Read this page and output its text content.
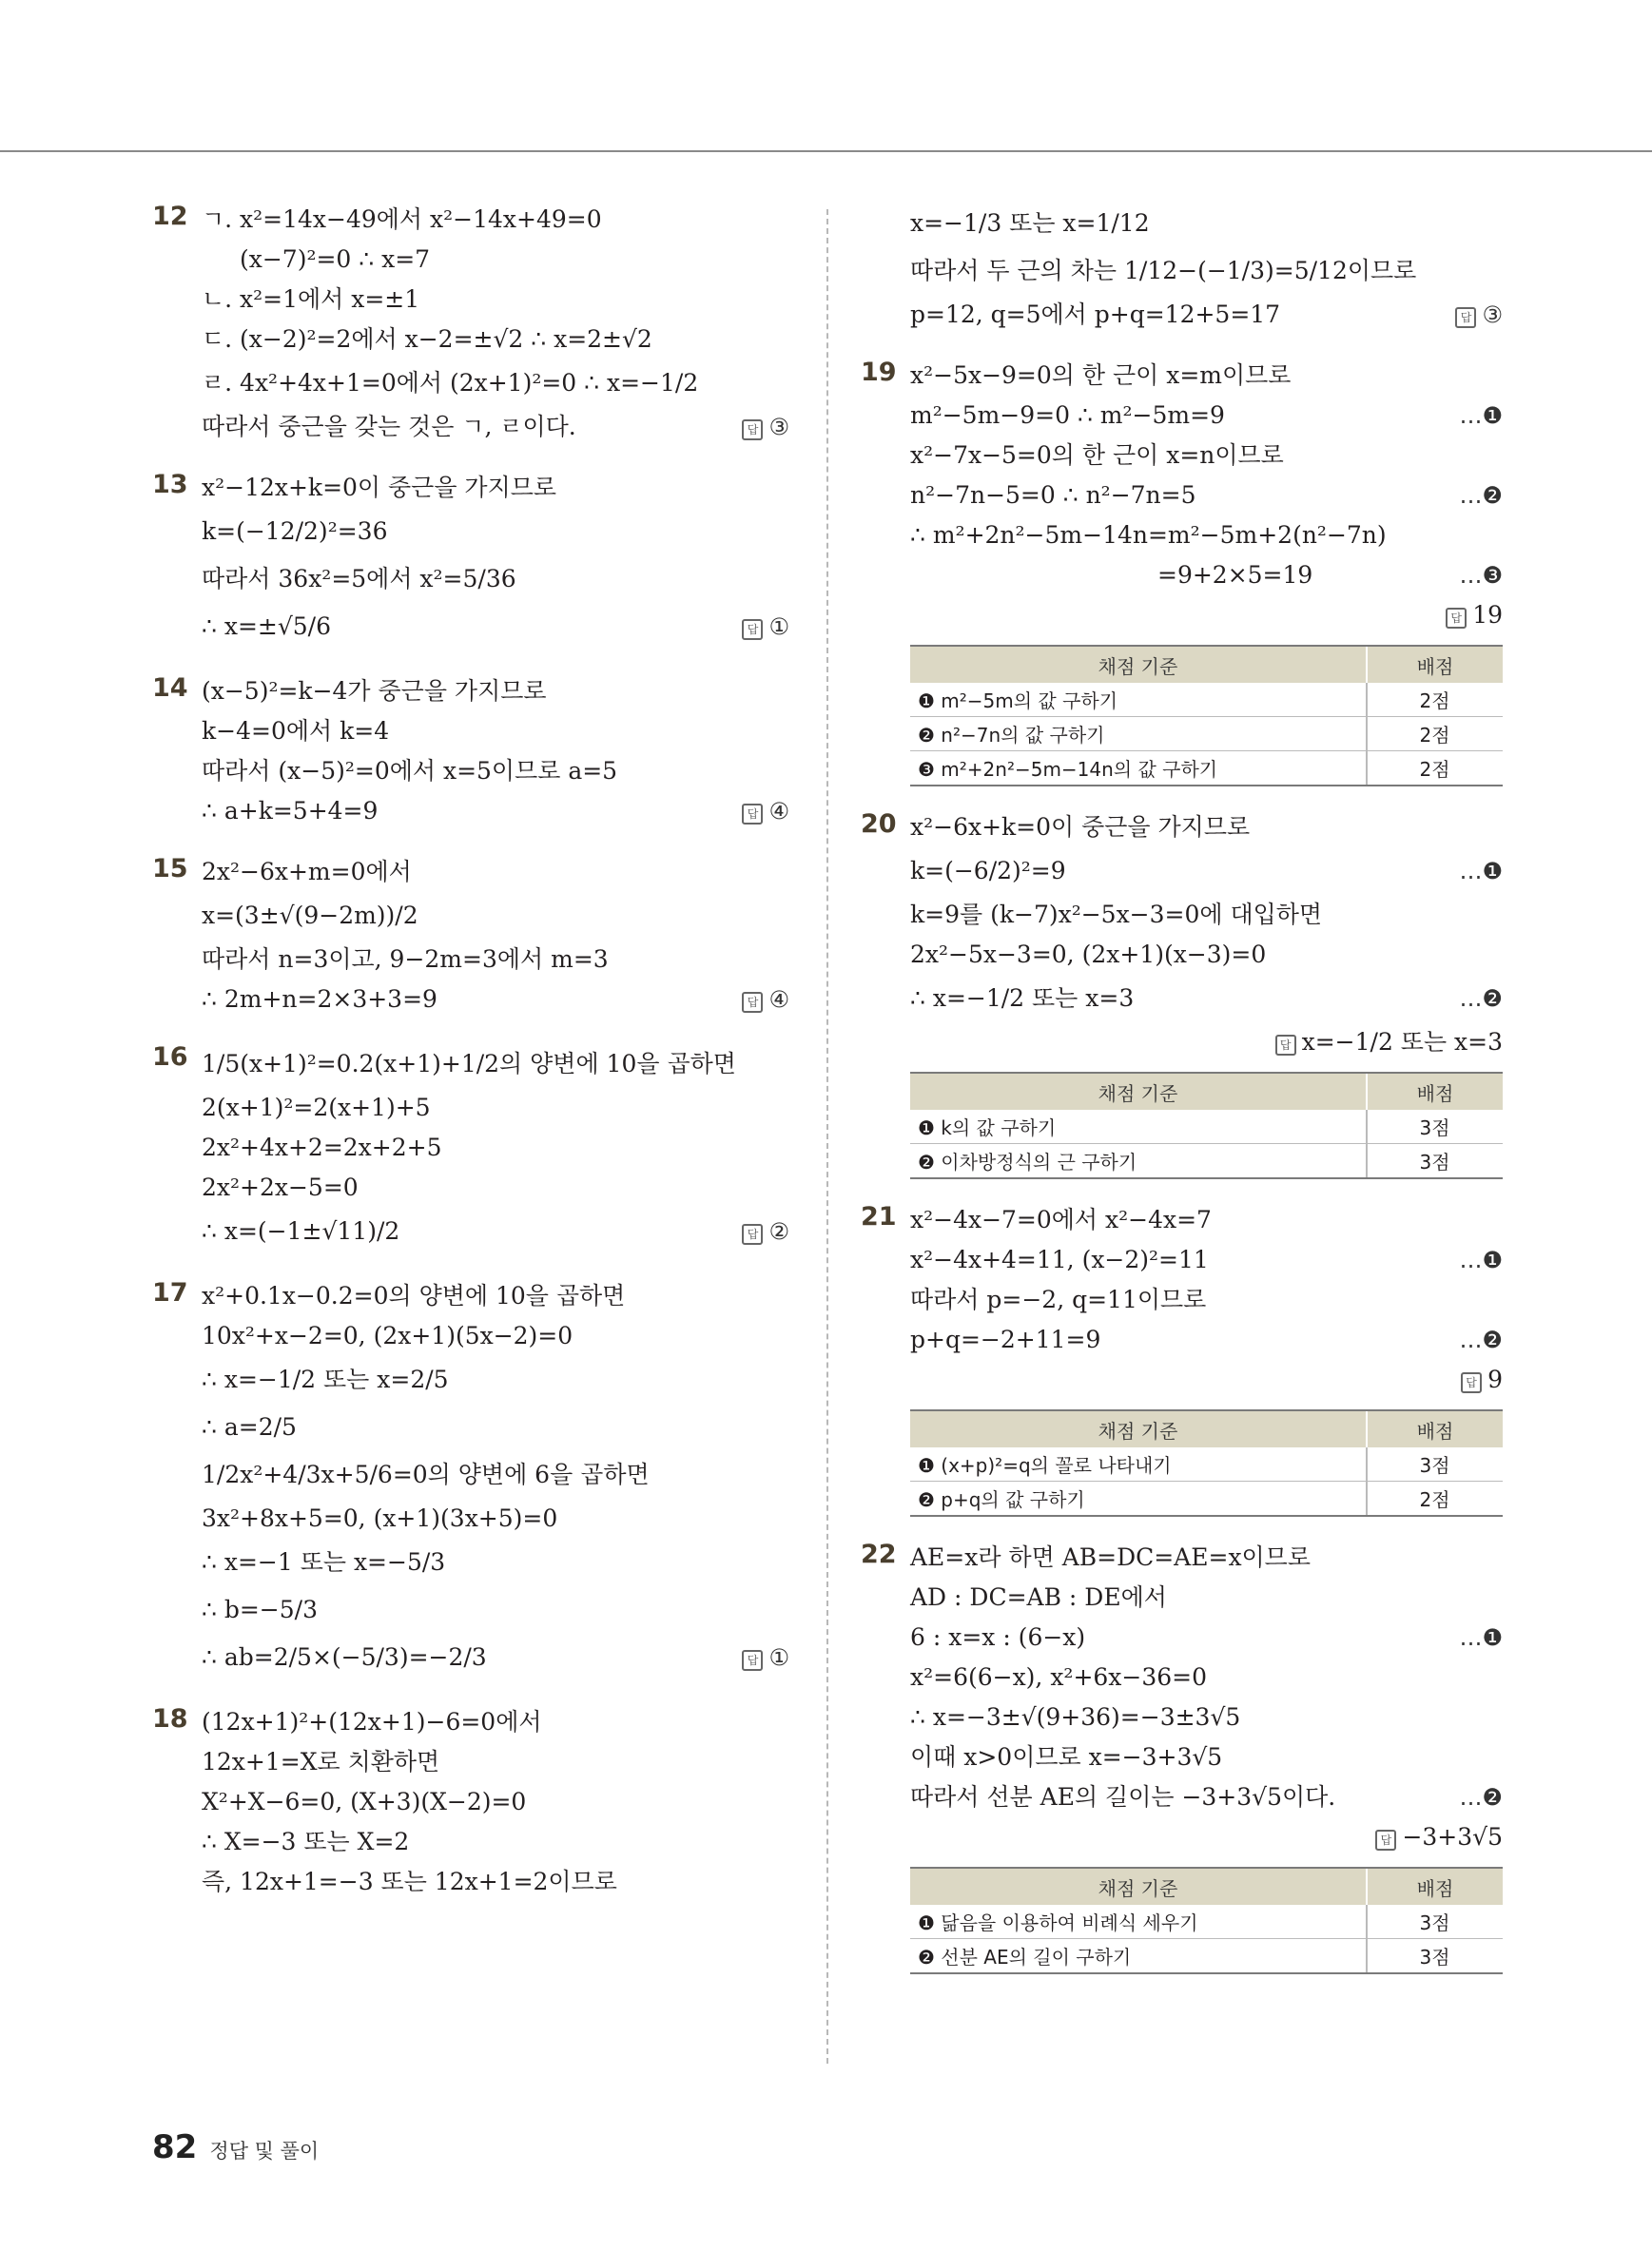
12 ㄱ. x²=14x−49에서 x²−14x+49=0
(x−7)²=0 ∴ x=7
ㄴ. x²=1에서 x=±1
ㄷ. (x−2)²=2에서 x−2=±√2 ∴ x=2±√2
ㄹ. 4x²+4x+1=0에서 (2x+1)²=0 ∴ x=−1/2
따라서 중근을 갖는 것은 ㄱ, ㄹ이다.	답 ③
13 x²−12x+k=0이 중근을 가지므로
k=(−12/2)²=36
따라서 36x²=5에서 x²=5/36
∴ x=±√5/6	답 ①
14 (x−5)²=k−4가 중근을 가지므로
k−4=0에서 k=4
따라서 (x−5)²=0에서 x=5이므로 a=5
∴ a+k=5+4=9	답 ④
15 2x²−6x+m=0에서
x=(3±√(9−2m))/2
따라서 n=3이고, 9−2m=3에서 m=3
∴ 2m+n=2×3+3=9	답 ④
16 1/5(x+1)²=0.2(x+1)+1/2의 양변에 10을 곱하면
2(x+1)²=2(x+1)+5
2x²+4x+2=2x+2+5
2x²+2x−5=0
∴ x=(−1±√11)/2	답 ②
17 x²+0.1x−0.2=0의 양변에 10을 곱하면
10x²+x−2=0, (2x+1)(5x−2)=0
∴ x=−1/2 또는 x=2/5
∴ a=2/5
1/2x²+4/3x+5/6=0의 양변에 6을 곱하면
3x²+8x+5=0, (x+1)(3x+5)=0
∴ x=−1 또는 x=−5/3
∴ b=−5/3
∴ ab=2/5×(−5/3)=−2/3	답 ①
18 (12x+1)²+(12x+1)−6=0에서
12x+1=X로 치환하면
X²+X−6=0, (X+3)(X−2)=0
∴ X=−3 또는 X=2
즉, 12x+1=−3 또는 12x+1=2이므로
x=−1/3 또는 x=1/12
따라서 두 근의 차는 1/12−(−1/3)=5/12이므로
p=12, q=5에서 p+q=12+5=17	답 ③
19 x²−5x−9=0의 한 근이 x=m이므로
m²−5m−9=0 ∴ m²−5m=9	…❶
x²−7x−5=0의 한 근이 x=n이므로
n²−7n−5=0 ∴ n²−7n=5	…❷
∴ m²+2n²−5m−14n=m²−5m+2(n²−7n)
=9+2×5=19	…❸
답 19
채점 기준	배점
❶ m²−5m의 값 구하기	2점
❷ n²−7n의 값 구하기	2점
❸ m²+2n²−5m−14n의 값 구하기	2점
20 x²−6x+k=0이 중근을 가지므로
k=(−6/2)²=9	…❶
k=9를 (k−7)x²−5x−3=0에 대입하면
2x²−5x−3=0, (2x+1)(x−3)=0
∴ x=−1/2 또는 x=3	…❷
답 x=−1/2 또는 x=3
채점 기준	배점
❶ k의 값 구하기	3점
❷ 이차방정식의 근 구하기	3점
21 x²−4x−7=0에서 x²−4x=7
x²−4x+4=11, (x−2)²=11	…❶
따라서 p=−2, q=11이므로
p+q=−2+11=9	…❷
답 9
채점 기준	배점
❶ (x+p)²=q의 꼴로 나타내기	3점
❷ p+q의 값 구하기	2점
22 AE=x라 하면 AB=DC=AE=x이므로
AD : DC=AB : DE에서
6 : x=x : (6−x)	…❶
x²=6(6−x), x²+6x−36=0
∴ x=−3±√(9+36)=−3±3√5
이때 x>0이므로 x=−3+3√5
따라서 선분 AE의 길이는 −3+3√5이다.	…❷
답 −3+3√5
채점 기준	배점
❶ 닮음을 이용하여 비례식 세우기	3점
❷ 선분 AE의 길이 구하기	3점
82 정답 및 풀이
